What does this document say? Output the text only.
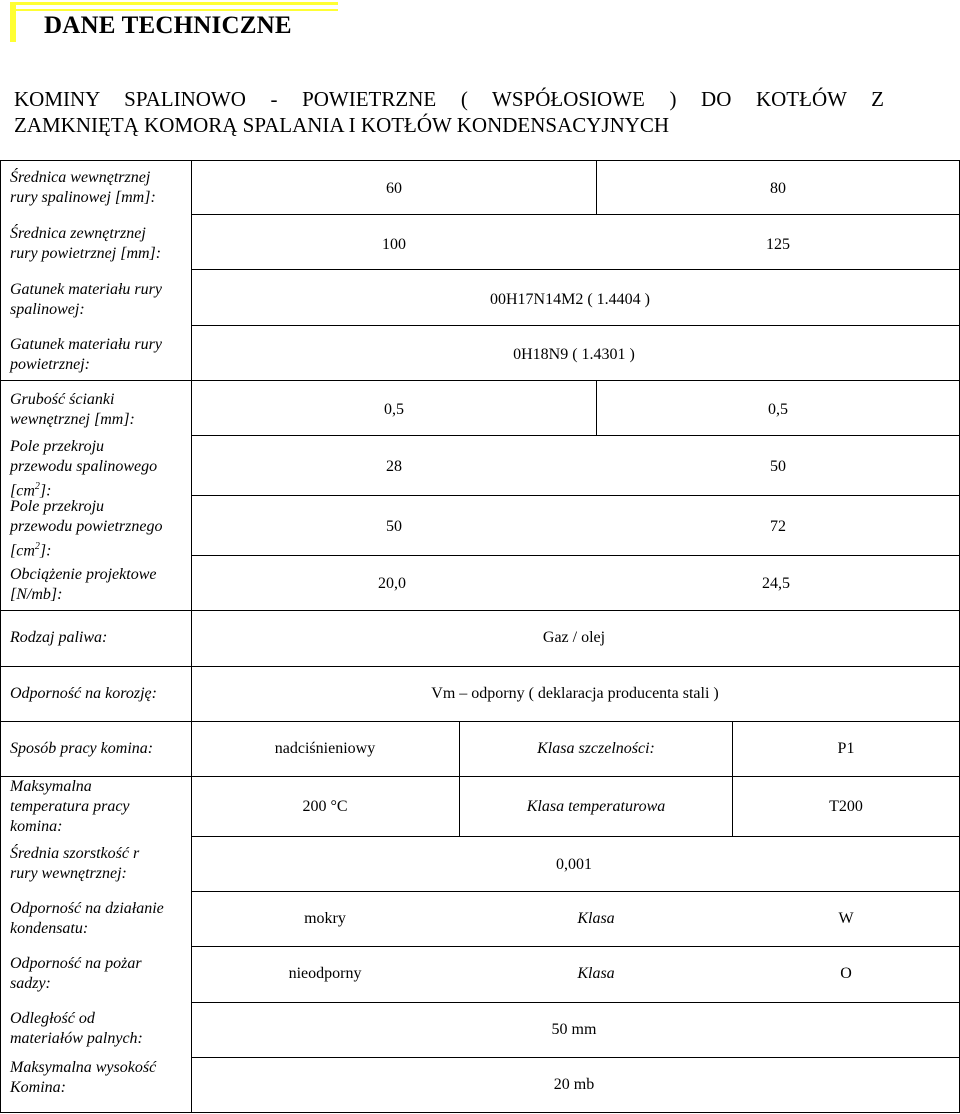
DANE TECHNICZNE
KOMINY SPALINOWO - POWIETRZNE ( WSPÓŁOSIOWE ) DO KOTŁÓW Z
ZAMKNIĘTĄ KOMORĄ SPALANIA I KOTŁÓW KONDENSACYJNYCH
Średnica wewnętrznej
rury spalinowej [mm]:
60	80
Średnica zewnętrznej
rury powietrznej [mm]:
100	125
Gatunek materiału rury
spalinowej:
00H17N14M2 ( 1.4404 )
Gatunek materiału rury
powietrznej:
0H18N9 ( 1.4301 )
Grubość ścianki
wewnętrznej [mm]:
0,5	0,5
Pole przekroju
przewodu spalinowego
$[cm^2]$:
28	50
Pole przekroju
przewodu powietrznego
$[cm^2]$:
50	72
Obciążenie projektowe
[N/mb]:
20,0	24,5
Rodzaj paliwa:	Gaz / olej
Odporność na korozję:	Vm – odporny ( deklaracja producenta stali )
Sposób pracy komina:	nadciśnieniowy	Klasa szczelności:	P1
Maksymalna
temperatura pracy
komina:
200 °C	Klasa temperaturowa	T200
Średnia szorstkość r
rury wewnętrznej:
0,001
Odporność na działanie
kondensatu:
mokry	Klasa	W
Odporność na pożar
sadzy:
nieodporny	Klasa	O
Odległość od
materiałów palnych:
50 mm
Maksymalna wysokość
Komina:	20 mb
